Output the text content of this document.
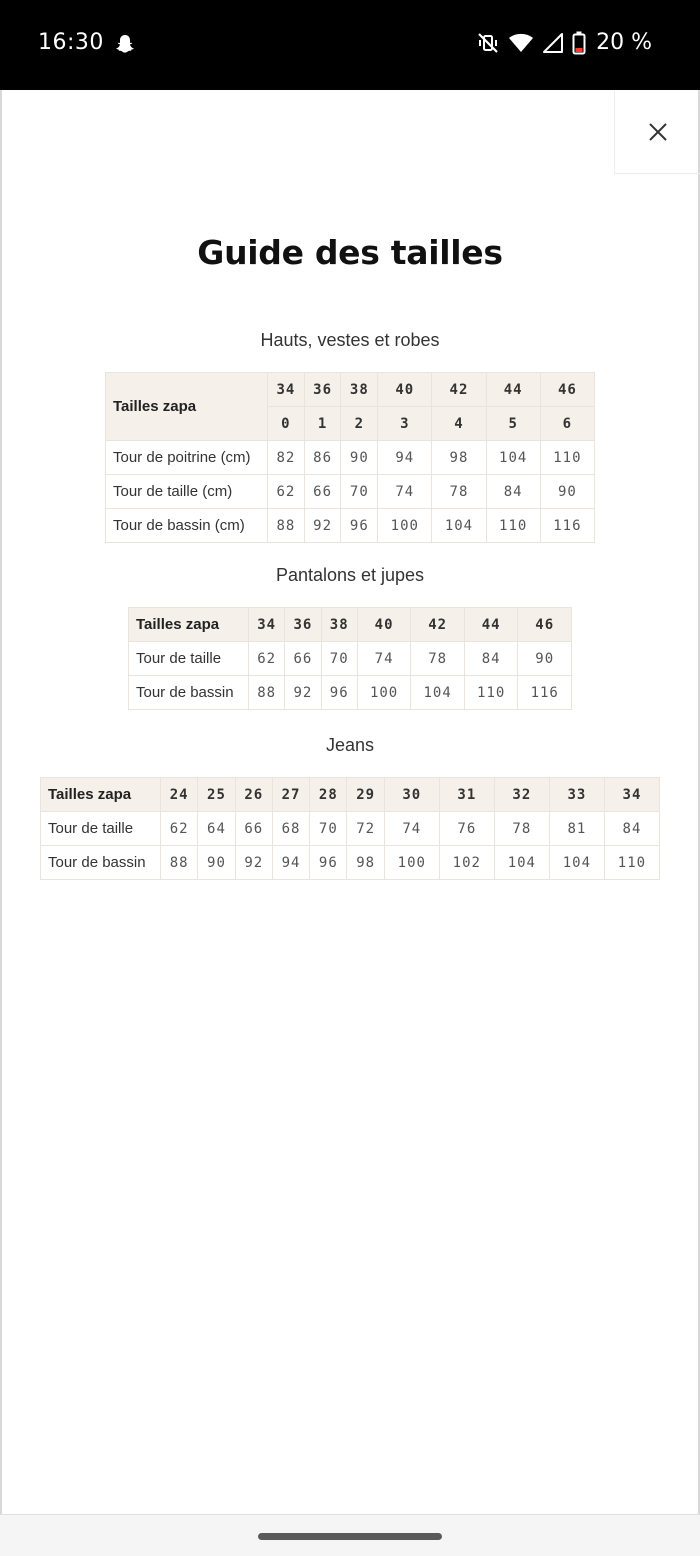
16:30	20 %
Guide des tailles
Hauts, vestes et robes
Tailles zapa	34	36	38	40	42	44	46
	0	1	2	3	4	5	6
Tour de poitrine (cm)	82	86	90	94	98	104	110
Tour de taille (cm)	62	66	70	74	78	84	90
Tour de bassin (cm)	88	92	96	100	104	110	116
Pantalons et jupes
Tailles zapa	34	36	38	40	42	44	46
Tour de taille	62	66	70	74	78	84	90
Tour de bassin	88	92	96	100	104	110	116
Jeans
Tailles zapa	24	25	26	27	28	29	30	31	32	33	34
Tour de taille	62	64	66	68	70	72	74	76	78	81	84
Tour de bassin	88	90	92	94	96	98	100	102	104	104	110
